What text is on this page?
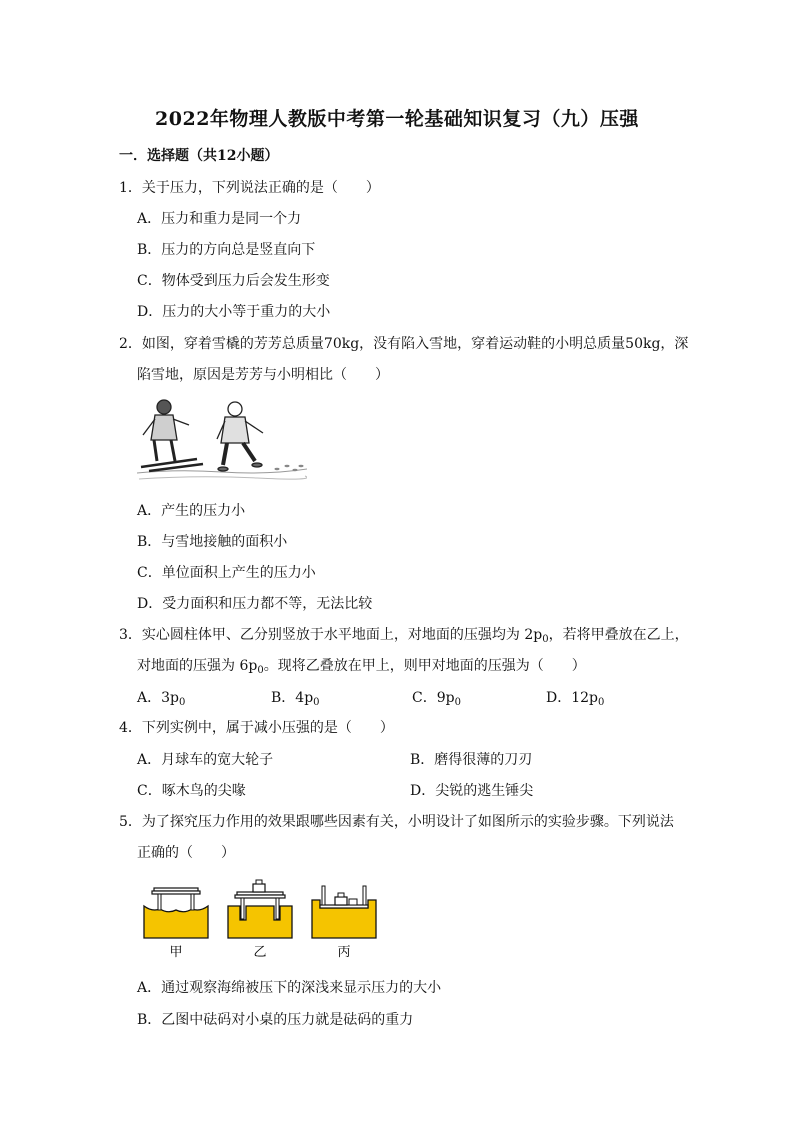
2022年物理人教版中考第一轮基础知识复习（九）压强
一．选择题（共12小题）
1．关于压力，下列说法正确的是（　　）
A．压力和重力是同一个力
B．压力的方向总是竖直向下
C．物体受到压力后会发生形变
D．压力的大小等于重力的大小
2．如图，穿着雪橇的芳芳总质量70kg，没有陷入雪地，穿着运动鞋的小明总质量50kg，深
陷雪地，原因是芳芳与小明相比（　　）
A．产生的压力小
B．与雪地接触的面积小
C．单位面积上产生的压力小
D．受力面积和压力都不等，无法比较
3．实心圆柱体甲、乙分别竖放于水平地面上，对地面的压强均为 $2p_0$，若将甲叠放在乙上，
对地面的压强为 $6p_0$。现将乙叠放在甲上，则甲对地面的压强为（　　）
A．$3p_0$	B．$4p_0$	C．$9p_0$	D．$12p_0$
4．下列实例中，属于减小压强的是（　　）
A．月球车的宽大轮子	B．磨得很薄的刀刃
C．啄木鸟的尖喙	D．尖锐的逃生锤尖
5．为了探究压力作用的效果跟哪些因素有关，小明设计了如图所示的实验步骤。下列说法
正确的（　　）
甲	乙	丙
A．通过观察海绵被压下的深浅来显示压力的大小
B．乙图中砝码对小桌的压力就是砝码的重力
